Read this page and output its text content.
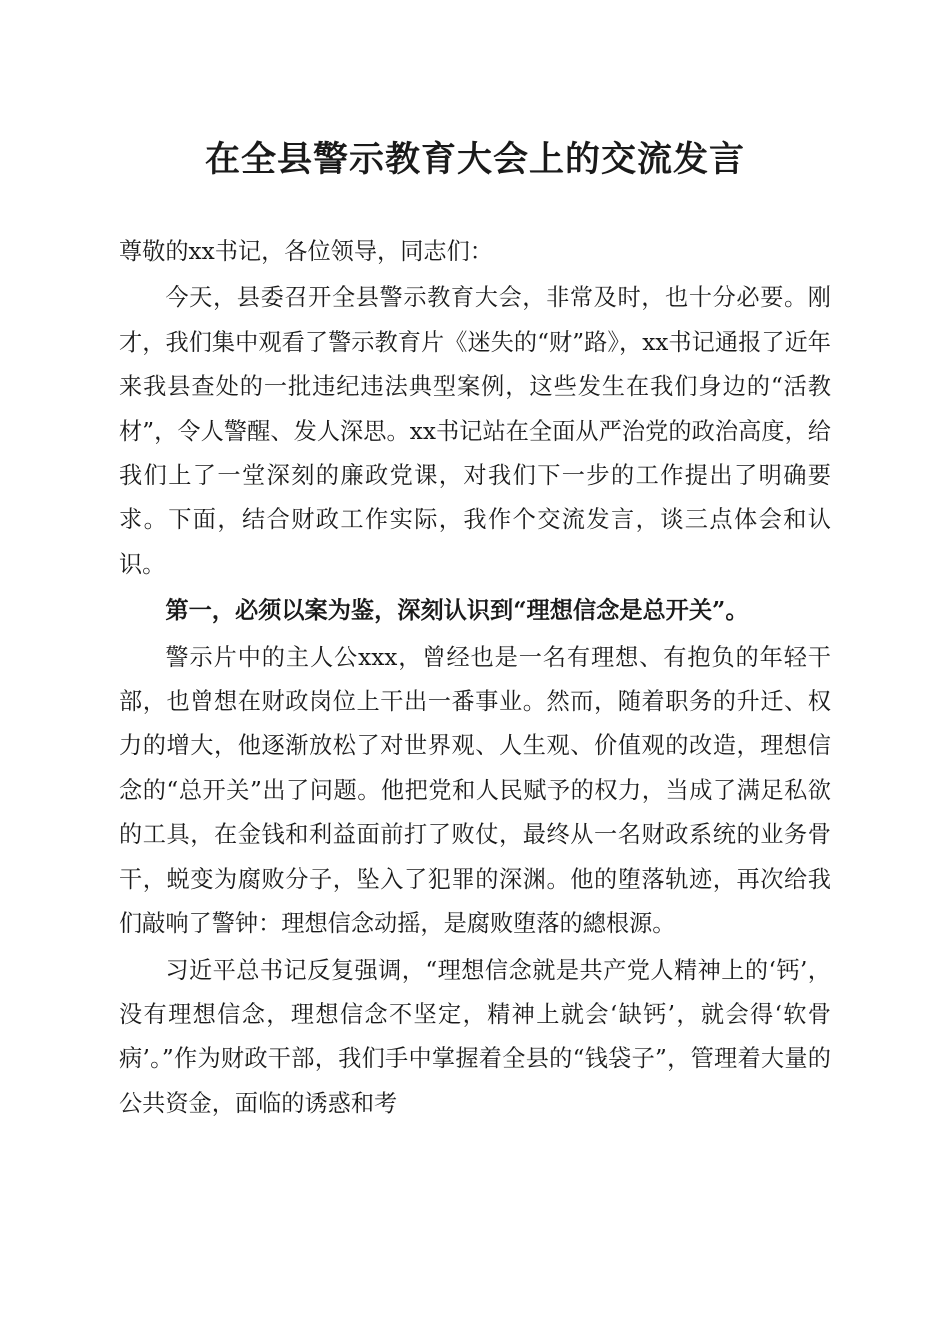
在全县警示教育大会上的交流发言

尊敬的xx书记，各位领导，同志们：

今天，县委召开全县警示教育大会，非常及时，也十分必要。刚才，我们集中观看了警示教育片《迷失的“财”路》，xx书记通报了近年来我县查处的一批违纪违法典型案例，这些发生在我们身边的“活教材”，令人警醒、发人深思。xx书记站在全面从严治党的政治高度，给我们上了一堂深刻的廉政党课，对我们下一步的工作提出了明确要求。下面，结合财政工作实际，我作个交流发言，谈三点体会和认识。

第一，必须以案为鉴，深刻认识到“理想信念是总开关”。

警示片中的主人公xxx，曾经也是一名有理想、有抱负的年轻干部，也曾想在财政岗位上干出一番事业。然而，随着职务的升迁、权力的增大，他逐渐放松了对世界观、人生观、价值观的改造，理想信念的“总开关”出了问题。他把党和人民赋予的权力，当成了满足私欲的工具，在金钱和利益面前打了败仗，最终从一名财政系统的业务骨干，蜕变为腐败分子，坠入了犯罪的深渊。他的堕落轨迹，再次给我们敲响了警钟：理想信念动摇，是腐败堕落的總根源。

习近平总书记反复强调，“理想信念就是共产党人精神上的‘钙’，没有理想信念，理想信念不坚定，精神上就会‘缺钙’，就会得‘软骨病’。”作为财政干部，我们手中掌握着全县的“钱袋子”，管理着大量的公共资金，面临的诱惑和考
